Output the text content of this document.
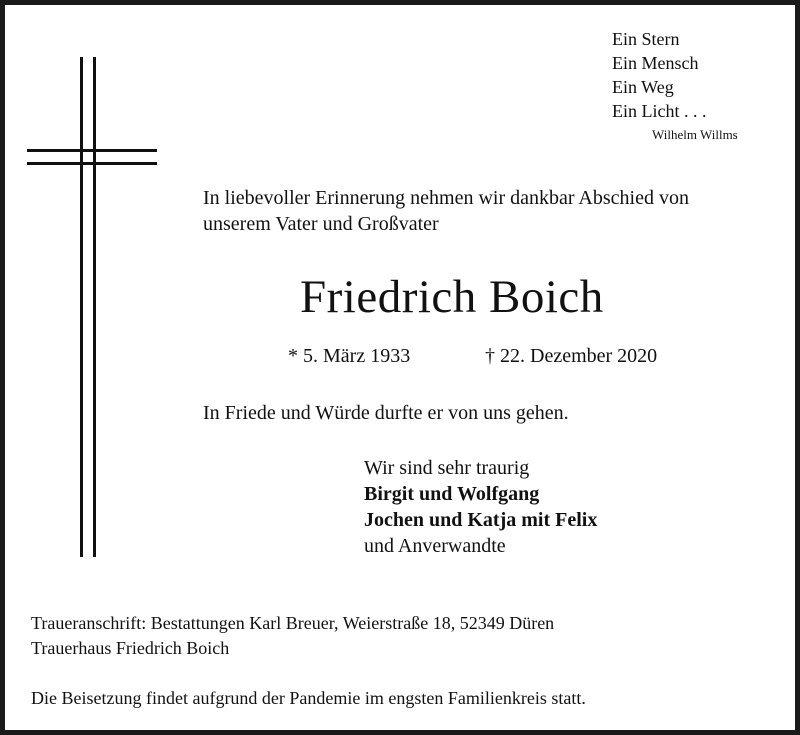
Ein Stern
Ein Mensch
Ein Weg
Ein Licht . . .
Wilhelm Willms
In liebevoller Erinnerung nehmen wir dankbar Abschied von
unserem Vater und Großvater
Friedrich Boich
* 5. März 1933	† 22. Dezember 2020
In Friede und Würde durfte er von uns gehen.
Wir sind sehr traurig
Birgit und Wolfgang
Jochen und Katja mit Felix
und Anverwandte
Traueranschrift: Bestattungen Karl Breuer, Weierstraße 18, 52349 Düren
Trauerhaus Friedrich Boich
Die Beisetzung findet aufgrund der Pandemie im engsten Familienkreis statt.
